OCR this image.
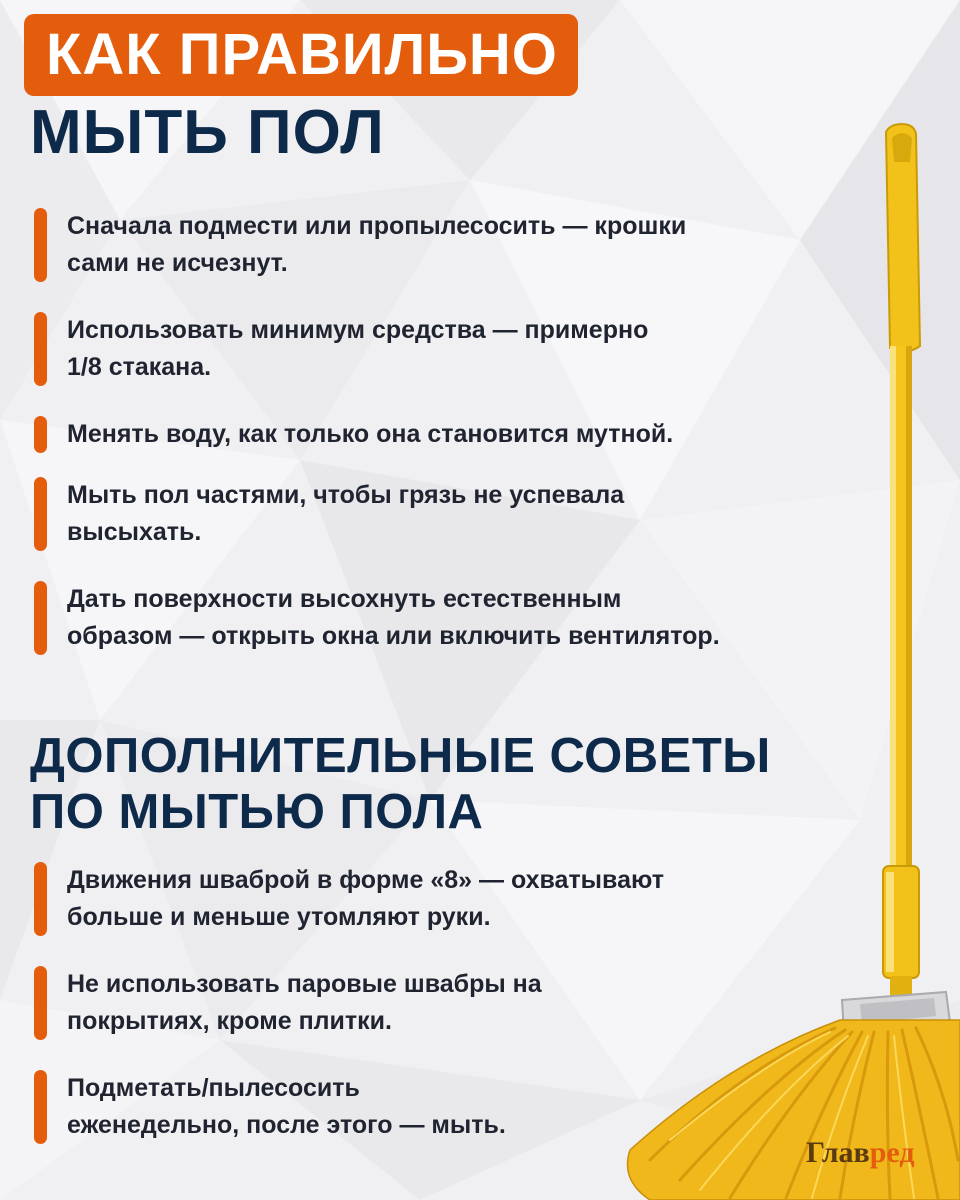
КАК ПРАВИЛЬНО
МЫТЬ ПОЛ
Сначала подмести или пропылесосить — крошки
сами не исчезнут.
Использовать минимум средства — примерно
1/8 стакана.
Менять воду, как только она становится мутной.
Мыть пол частями, чтобы грязь не успевала
высыхать.
Дать поверхности высохнуть естественным
образом — открыть окна или включить вентилятор.
ДОПОЛНИТЕЛЬНЫЕ СОВЕТЫ
ПО МЫТЬЮ ПОЛА
Движения шваброй в форме «8» — охватывают
больше и меньше утомляют руки.
Не использовать паровые швабры на
покрытиях, кроме плитки.
Подметать/пылесосить
еженедельно, после этого — мыть.
Главред
